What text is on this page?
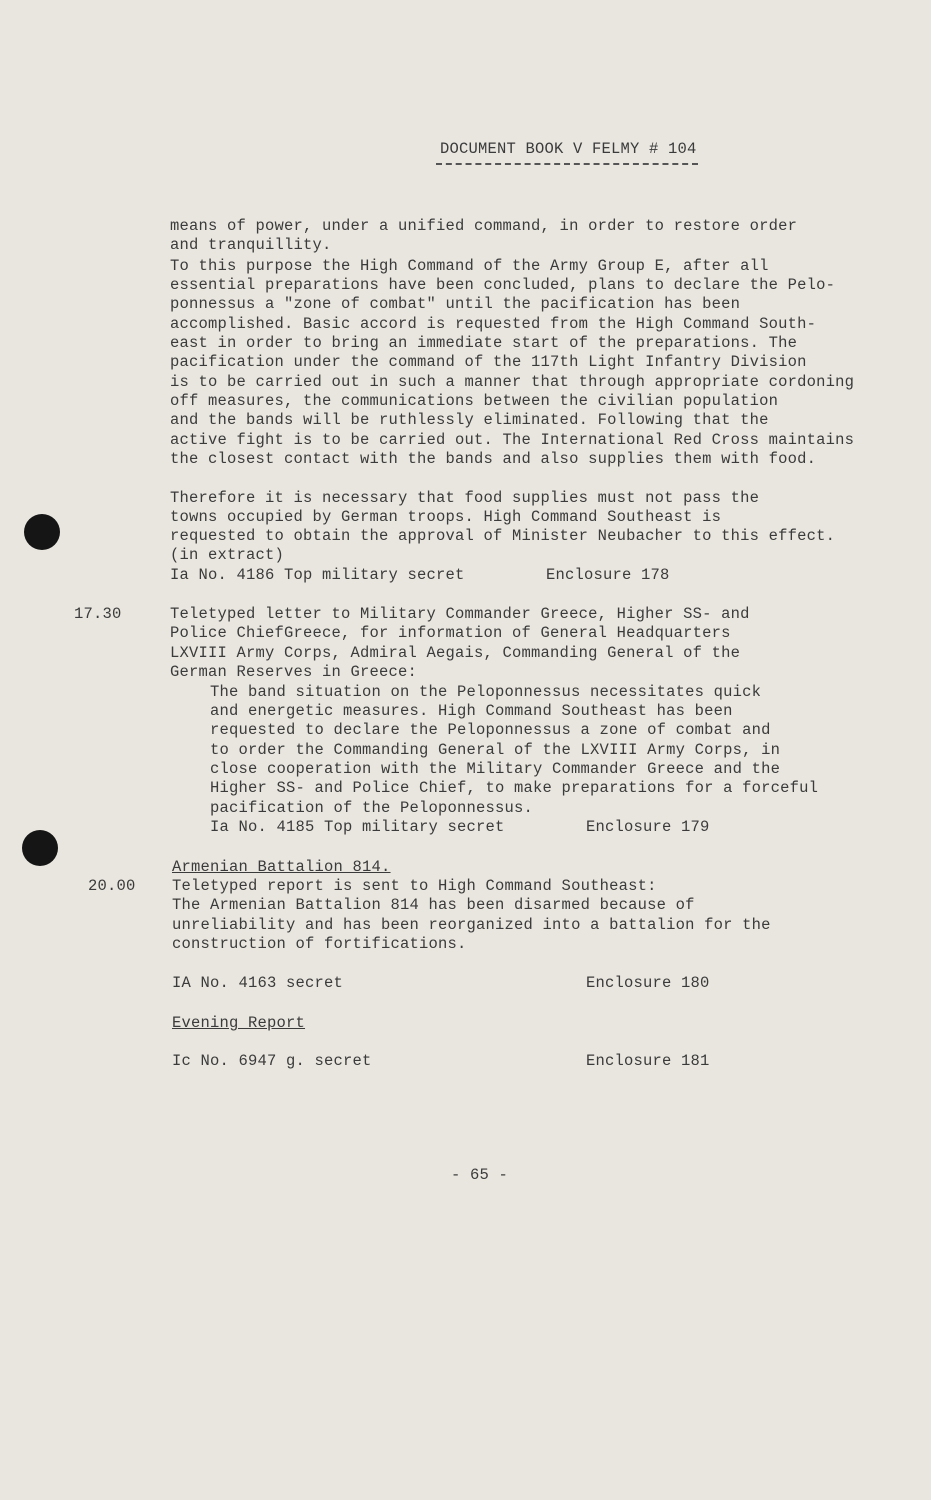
DOCUMENT BOOK V FELMY # 104
means of power, under a unified command, in order to restore order
and tranquillity.
To this purpose the High Command of the Army Group E, after all
essential preparations have been concluded, plans to declare the Pelo-
ponnessus a "zone of combat" until the pacification has been
accomplished. Basic accord is requested from the High Command South-
east in order to bring an immediate start of the preparations. The
pacification under the command of the 117th Light Infantry Division
is to be carried out in such a manner that through appropriate cordoning
off measures, the communications between the civilian population
and the bands will be ruthlessly eliminated. Following that the
active fight is to be carried out. The International Red Cross maintains
the closest contact with the bands and also supplies them with food.
Therefore it is necessary that food supplies must not pass the
towns occupied by German troops. High Command Southeast is
requested to obtain the approval of Minister Neubacher to this effect.
(in extract)
Ia No. 4186 Top military secret	Enclosure 178
17.30	Teletyped letter to Military Commander Greece, Higher SS- and
Police ChiefGreece, for information of General Headquarters
LXVIII Army Corps, Admiral Aegais, Commanding General of the
German Reserves in Greece:
The band situation on the Peloponnessus necessitates quick
and energetic measures. High Command Southeast has been
requested to declare the Peloponnessus a zone of combat and
to order the Commanding General of the LXVIII Army Corps, in
close cooperation with the Military Commander Greece and the
Higher SS- and Police Chief, to make preparations for a forceful
pacification of the Peloponnessus.
Ia No. 4185 Top military secret	Enclosure 179
Armenian Battalion 814.
20.00 Teletyped report is sent to High Command Southeast:
The Armenian Battalion 814 has been disarmed because of
unreliability and has been reorganized into a battalion for the
construction of fortifications.
IA No. 4163 secret	Enclosure 180
Evening Report
Ic No. 6947 g. secret	Enclosure 181
- 65 -
